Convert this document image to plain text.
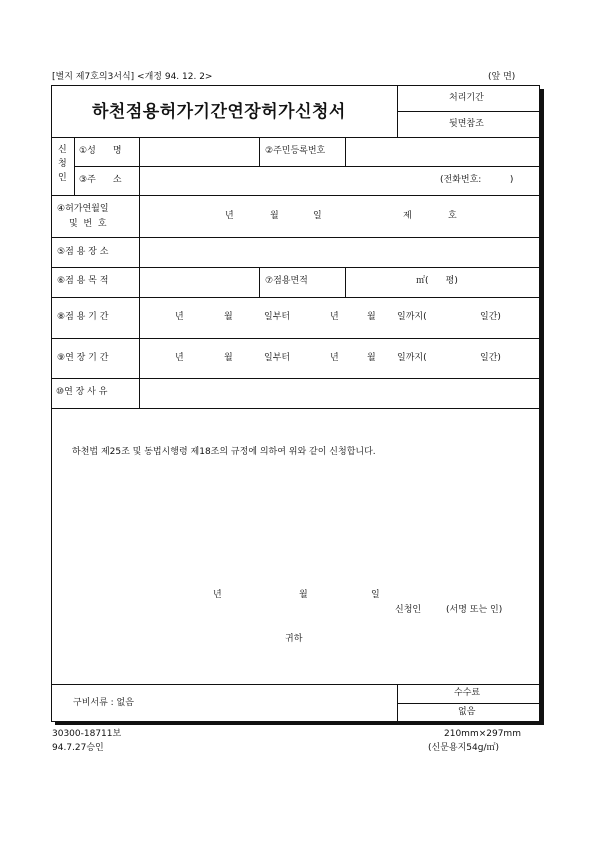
[별지 제7호의3서식] <개정 94. 12. 2>	(앞 면)
하천점용허가기간연장허가신청서
처리기간
뒷면참조
신
청
인
①성      명	②주민등록번호
③주      소	(전화번호:          )
④허가연월일
및  번  호
년	월	일	제	호
⑤점 용 장 소
⑥점 용 목 적	⑦점용면적	㎡(      평)
⑧점 용 기 간	년	월	일부터	년	월 일까지(	일간)
⑨연 장 기 간	년	월	일부터	년	월 일까지(	일간)
⑩연 장 사 유
하천법 제25조 및 동법시행령 제18조의 규정에 의하여 위와 같이 신청합니다.
년	월	일
신청인	(서명 또는 인)
귀하
구비서류 : 없음
수수료
없음
30300-18711보
94.7.27승인
210mm×297mm
(신문용지54g/㎡)
